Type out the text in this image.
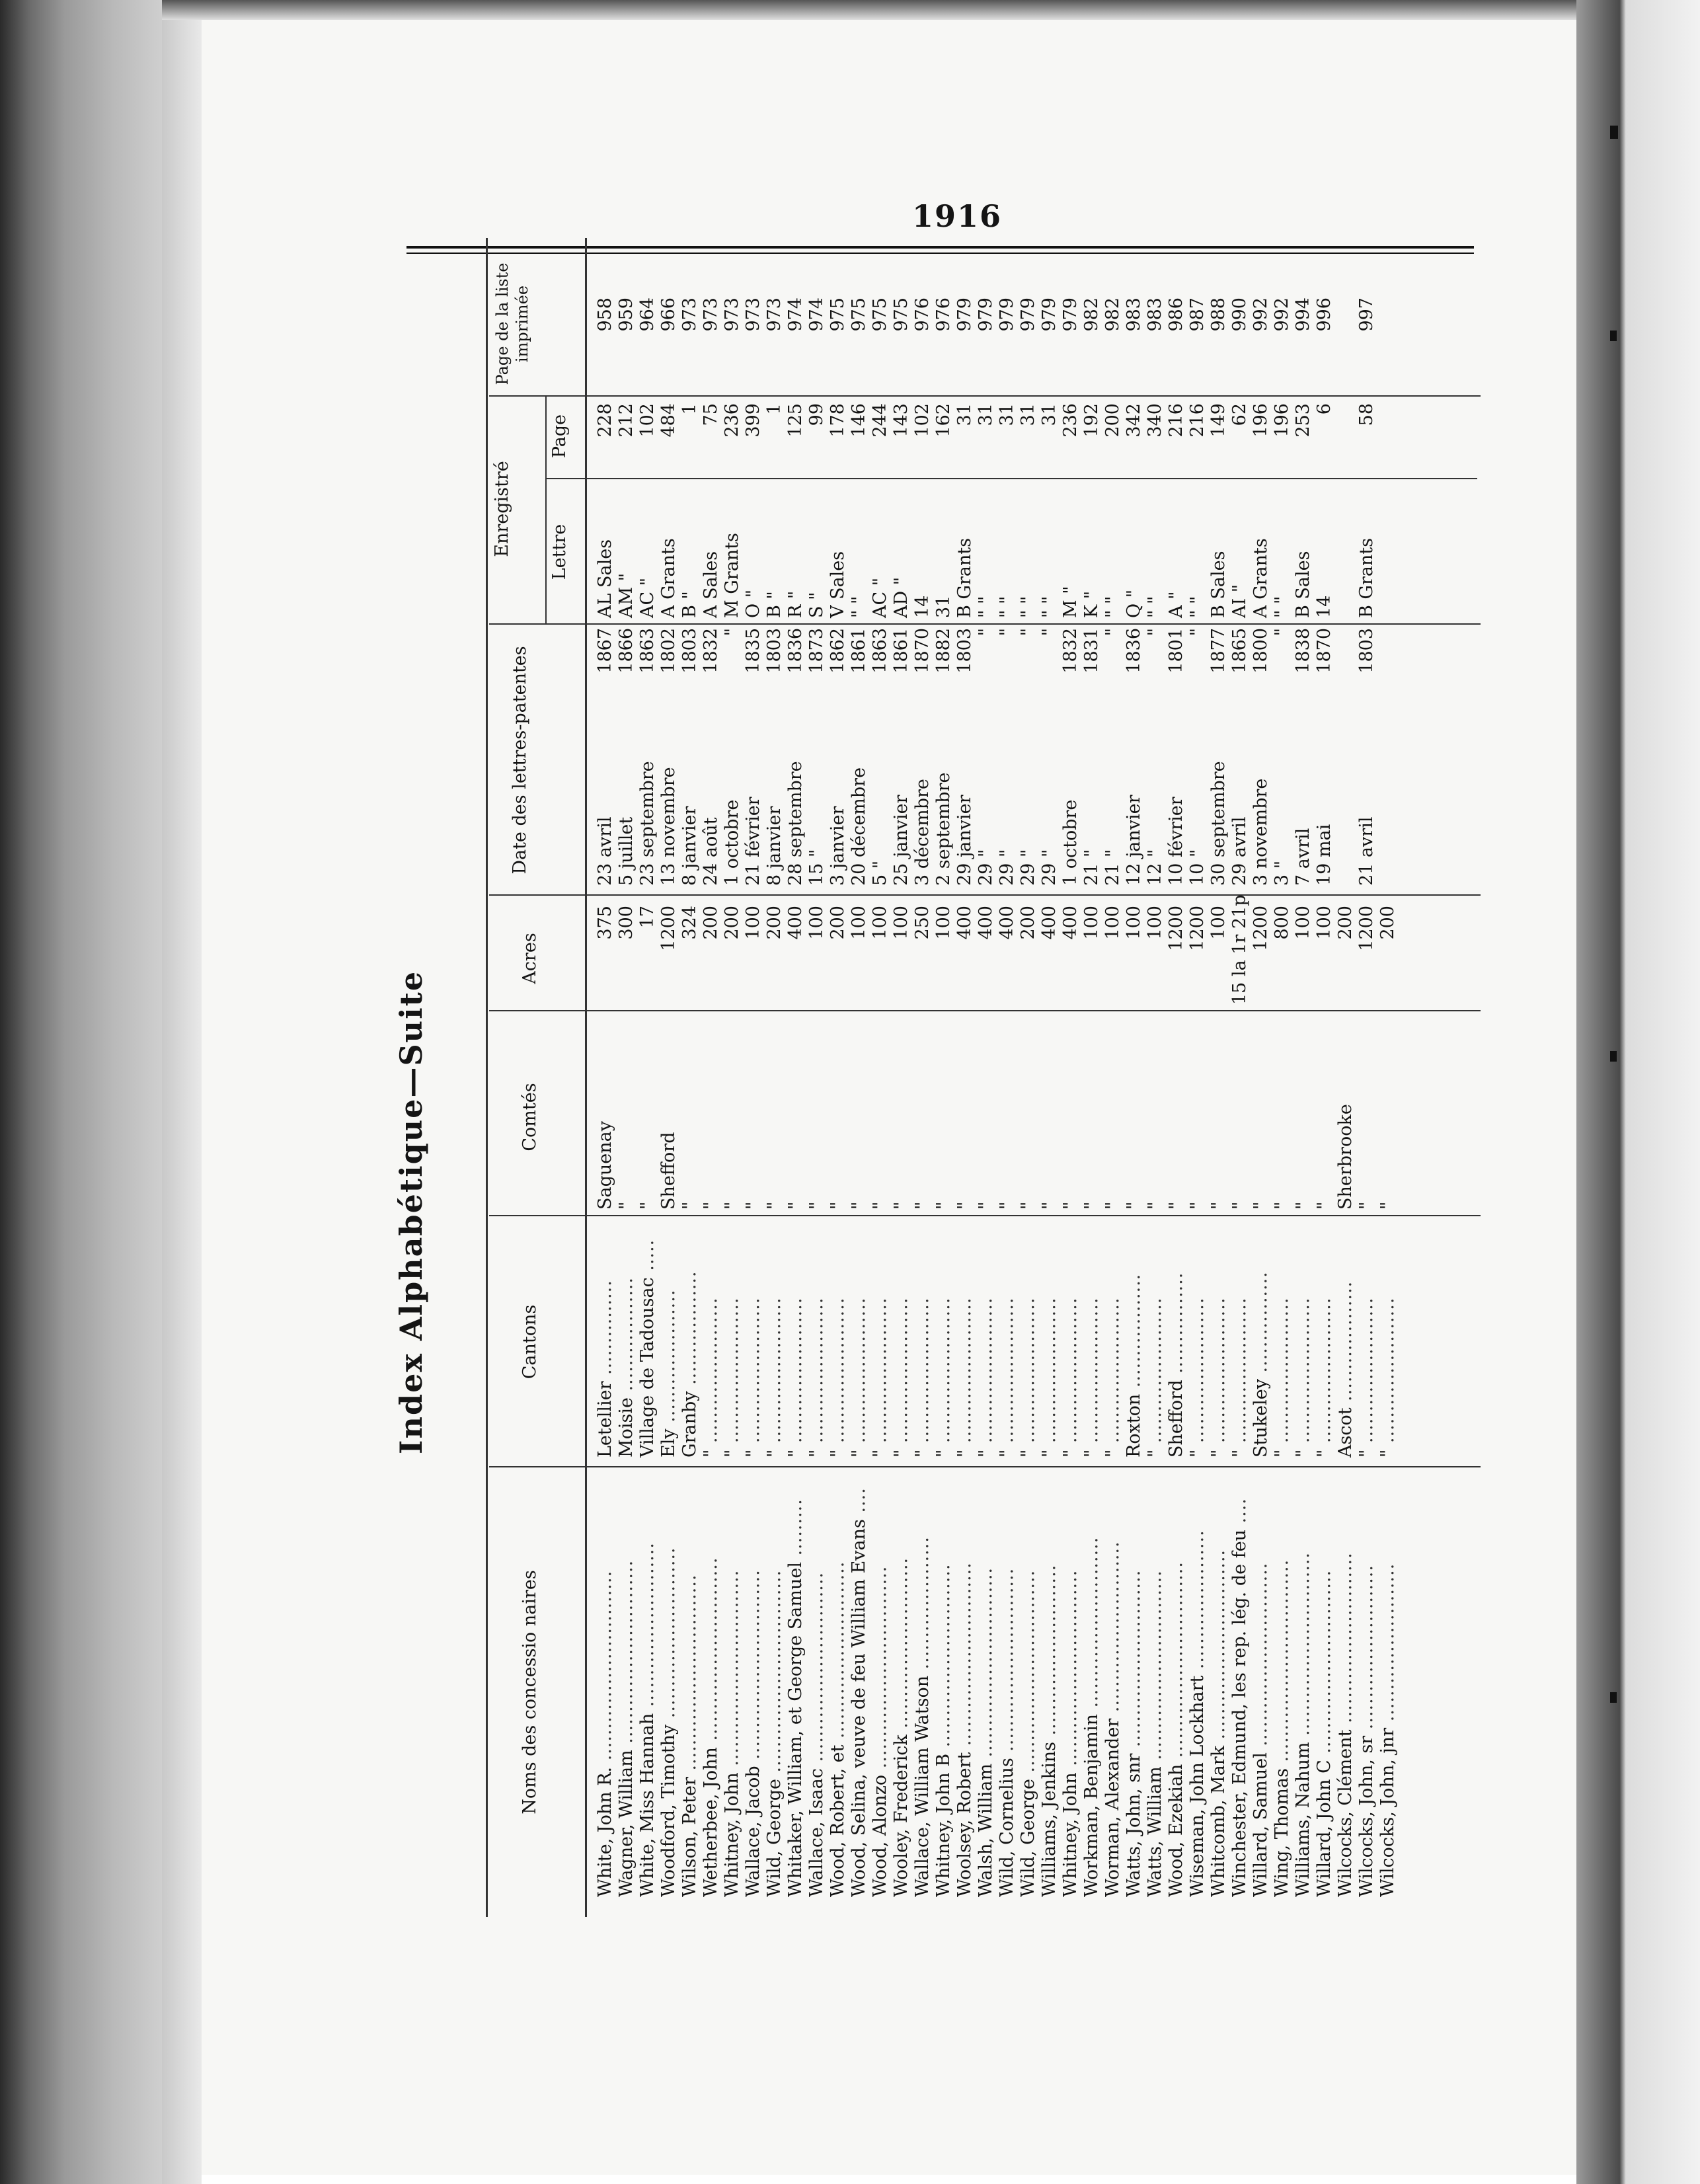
1916
Index Alphabétique—Suite
Noms des concessio naires
Cantons
Comtés
Acres
Date des lettres-patentes
Enregistré Lettre
Page
Page de la liste imprimée
White, John R. ..............................
Wagner, William .............................
White, Miss Hannah ..........................
Woodford, Timothy ...........................
Wilson, Peter ...............................
Wetherbee, John .............................
Whitney, John ...............................
Wallace, Jacob ..............................
Wild, George ................................ Whitaker, William, et George Samuel .........
Wallace, Isaac ..............................
Wood, Robert, et ............................ Wood, Selina, veuve de feu William Evans ....
Wood, Alonzo ................................
Wooley, Frederick ...........................
Wallace, William Watson .....................
Whitney, John B .............................
Woolsey, Robert .............................
Walsh, William ..............................
Wild, Cornelius .............................
Wild, George ................................
Williams, Jenkins ...........................
Whitney, John ...............................
Workman, Benjamin ...........................
Worman, Alexander ...........................
Watts, John, snr ............................
Watts, William ..............................
Wood, Ezekiah ...............................
Wiseman, John Lockhart ......................
Whitcomb, Mark .............................. Winchester, Edmund, les rep. lég. de feu ....
Willard, Samuel .............................
Wing, Thomas ................................
Williams, Nahum .............................
Willard, John C .............................
Wilcocks, Clément ...........................
Wilcocks, John, sr ..........................
Wilcocks, John, jnr .........................
Letellier ...............
Moisie .................. Village de Tadousac .....
Ely ..................... Granby ..................
" .......................
" .......................
" .......................
" .......................
" .......................
" .......................
" .......................
" .......................
" .......................
" .......................
" .......................
" .......................
" .......................
" .......................
" .......................
" .......................
" .......................
" .......................
" .......................
" ....................... Roxton ..................
" ....................... Shefford ................
" .......................
" .......................
" ....................... Stukeley ................
" .......................
" .......................
" ....................... Ascot ...................
" .......................
" .......................
Saguenay " " Shefford " " " " " " " " " " " " " " " " " " " " " " " " " " " " " " " Sherbrooke " "
375 300 17 1200 324 200 200 100 200 400 100 200 100 100 100 250 100 400 400 400 200 400 400 100 100 100 100 1200 1200 100 15 la 1r 21p 1200 800 100 100 200 1200 200
23 avril 5 juillet 23 septembre 13 novembre 8 janvier 24 août 1 octobre 21 février 8 janvier 28 septembre 15 " 3 janvier 20 décembre 5 " 25 janvier 3 décembre 2 septembre 29 janvier 29 " 29 " 29 " 29 " 1 octobre 21 " 21 " 12 janvier 12 " 10 février 10 " 30 septembre 29 avril 3 novembre 3 " 7 avril 19 mai 21 avril
1867 1866 1863 1802 1803 1832 " 1835 1803 1836 1873 1862 1861 1863 1861 1870 1882 1803 " " " " 1832 1831 " 1836 " 1801 " 1877 1865 1800 " 1838 1870 1803
AL Sales AM " AC " A Grants B " A Sales M Grants O " B " R " S " V Sales " " AC " AD " 14 31 B Grants " " " " " " " " M " K " " " Q " " " A " " " B Sales AI " A Grants " " B Sales 14 B Grants
228 212 102 484 1 75 236 399 1 125 99 178 146 244 143 102 162 31 31 31 31 31 236 192 200 342 340 216 216 149 62 196 196 253 6 58
958 959 964 966 973 973 973 973 973 974 974 975 975 975 975 976 976 979 979 979 979 979 979 982 982 983 983 986 987 988 990 992 992 994 996 997
